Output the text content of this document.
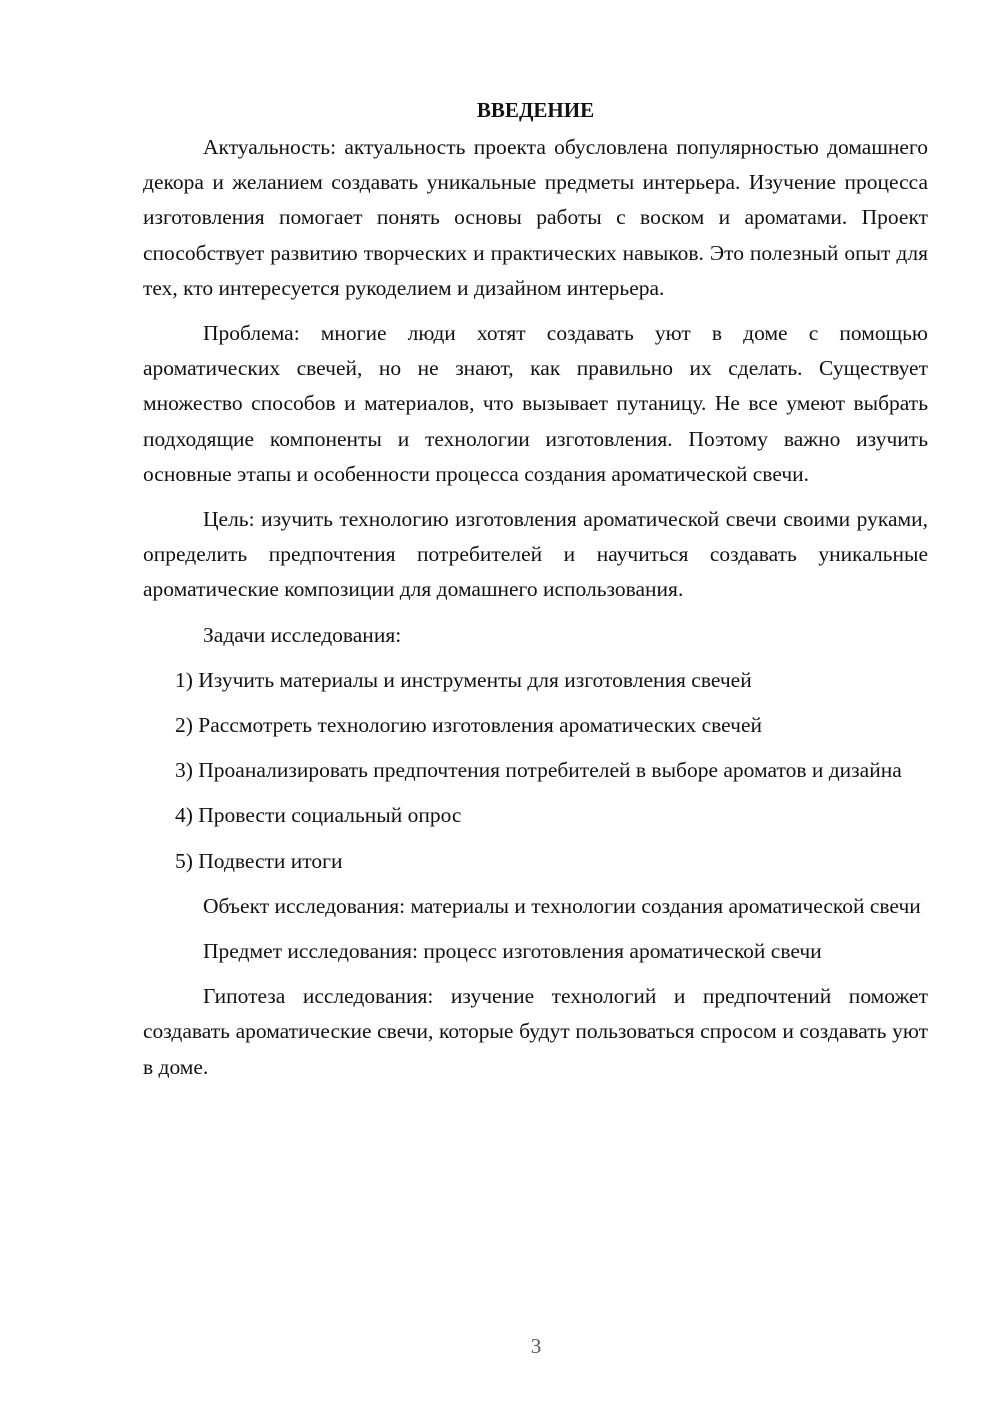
ВВЕДЕНИЕ

Актуальность: актуальность проекта обусловлена популярностью домашнего декора и желанием создавать уникальные предметы интерьера. Изучение процесса изготовления помогает понять основы работы с воском и ароматами. Проект способствует развитию творческих и практических навыков. Это полезный опыт для тех, кто интересуется рукоделием и дизайном интерьера.

Проблема: многие люди хотят создавать уют в доме с помощью ароматических свечей, но не знают, как правильно их сделать. Существует множество способов и материалов, что вызывает путаницу. Не все умеют выбрать подходящие компоненты и технологии изготовления. Поэтому важно изучить основные этапы и особенности процесса создания ароматической свечи.

Цель: изучить технологию изготовления ароматической свечи своими руками, определить предпочтения потребителей и научиться создавать уникальные ароматические композиции для домашнего использования.

Задачи исследования:

1) Изучить материалы и инструменты для изготовления свечей

2) Рассмотреть технологию изготовления ароматических свечей

3) Проанализировать предпочтения потребителей в выборе ароматов и дизайна

4) Провести социальный опрос

5) Подвести итоги

Объект исследования: материалы и технологии создания ароматической свечи

Предмет исследования: процесс изготовления ароматической свечи

Гипотеза исследования: изучение технологий и предпочтений поможет создавать ароматические свечи, которые будут пользоваться спросом и создавать уют в доме.

3
